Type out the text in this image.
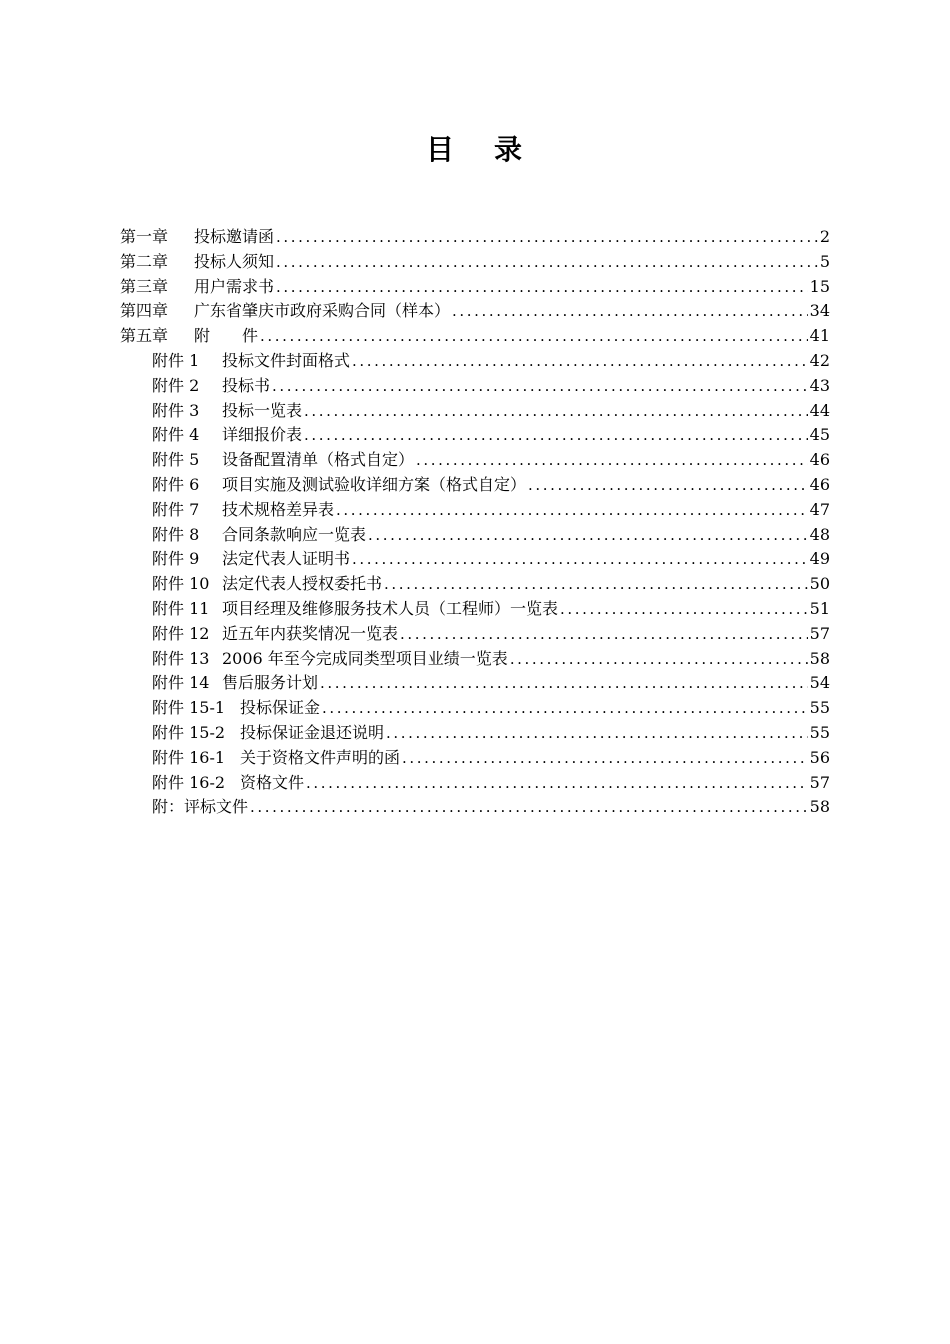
目 录
第一章 投标邀请函 .....	2
第二章 投标人须知 .....	5
第三章 用户需求书 .....	15
第四章 广东省肇庆市政府采购合同（样本） .....	34
第五章 附　　件 .....	41
附件 1 投标文件封面格式 .....	42
附件 2 投标书 .....	43
附件 3 投标一览表 .....	44
附件 4 详细报价表 .....	45
附件 5 设备配置清单（格式自定） .....	46
附件 6 项目实施及测试验收详细方案（格式自定） .....	46
附件 7 技术规格差异表 .....	47
附件 8 合同条款响应一览表 .....	48
附件 9 法定代表人证明书 .....	49
附件 10 法定代表人授权委托书 .....	50
附件 11 项目经理及维修服务技术人员（工程师）一览表 .....	51
附件 12 近五年内获奖情况一览表 .....	57
附件 13 2006 年至今完成同类型项目业绩一览表 .....	58
附件 14 售后服务计划 .....	54
附件 15-1 投标保证金 .....	55
附件 15-2 投标保证金退还说明 .....	55
附件 16-1 关于资格文件声明的函 .....	56
附件 16-2 资格文件 .....	57
附：评标文件 .....	58
